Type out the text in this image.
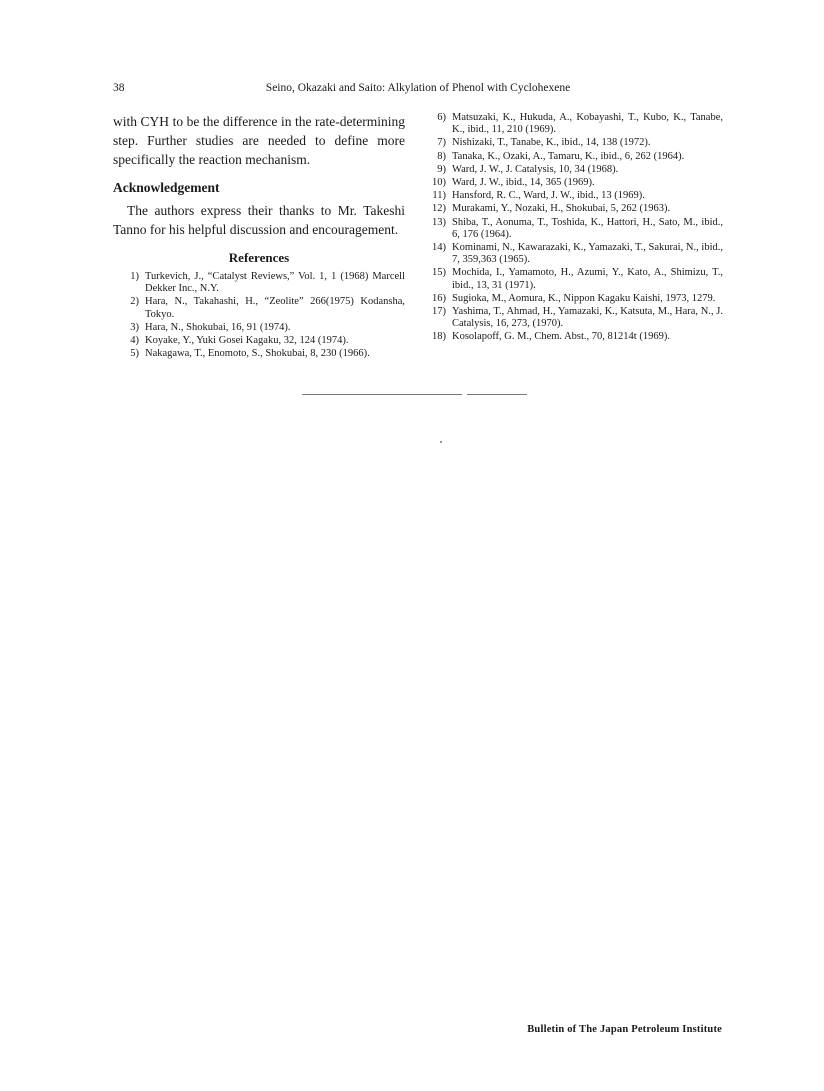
38	Seino, Okazaki and Saito: Alkylation of Phenol with Cyclohexene

with CYH to be the difference in the rate-determining step. Further studies are needed to define more specifically the reaction mechanism.

Acknowledgement

The authors express their thanks to Mr. Takeshi Tanno for his helpful discussion and encouragement.

References
1) Turkevich, J., “Catalyst Reviews,” Vol. 1, 1 (1968) Marcell Dekker Inc., N.Y.
2) Hara, N., Takahashi, H., “Zeolite” 266(1975) Kodansha, Tokyo.
3) Hara, N., Shokubai, 16, 91 (1974).
4) Koyake, Y., Yuki Gosei Kagaku, 32, 124 (1974).
5) Nakagawa, T., Enomoto, S., Shokubai, 8, 230 (1966).
6) Matsuzaki, K., Hukuda, A., Kobayashi, T., Kubo, K., Tanabe, K., ibid., 11, 210 (1969).
7) Nishizaki, T., Tanabe, K., ibid., 14, 138 (1972).
8) Tanaka, K., Ozaki, A., Tamaru, K., ibid., 6, 262 (1964).
9) Ward, J. W., J. Catalysis, 10, 34 (1968).
10) Ward, J. W., ibid., 14, 365 (1969).
11) Hansford, R. C., Ward, J. W., ibid., 13 (1969).
12) Murakami, Y., Nozaki, H., Shokubai, 5, 262 (1963).
13) Shiba, T., Aonuma, T., Toshida, K., Hattori, H., Sato, M., ibid., 6, 176 (1964).
14) Kominami, N., Kawarazaki, K., Yamazaki, T., Sakurai, N., ibid., 7, 359,363 (1965).
15) Mochida, I., Yamamoto, H., Azumi, Y., Kato, A., Shimizu, T., ibid., 13, 31 (1971).
16) Sugioka, M., Aomura, K., Nippon Kagaku Kaishi, 1973, 1279.
17) Yashima, T., Ahmad, H., Yamazaki, K., Katsuta, M., Hara, N., J. Catalysis, 16, 273, (1970).
18) Kosolapoff, G. M., Chem. Abst., 70, 81214t (1969).
Bulletin of The Japan Petroleum Institute
